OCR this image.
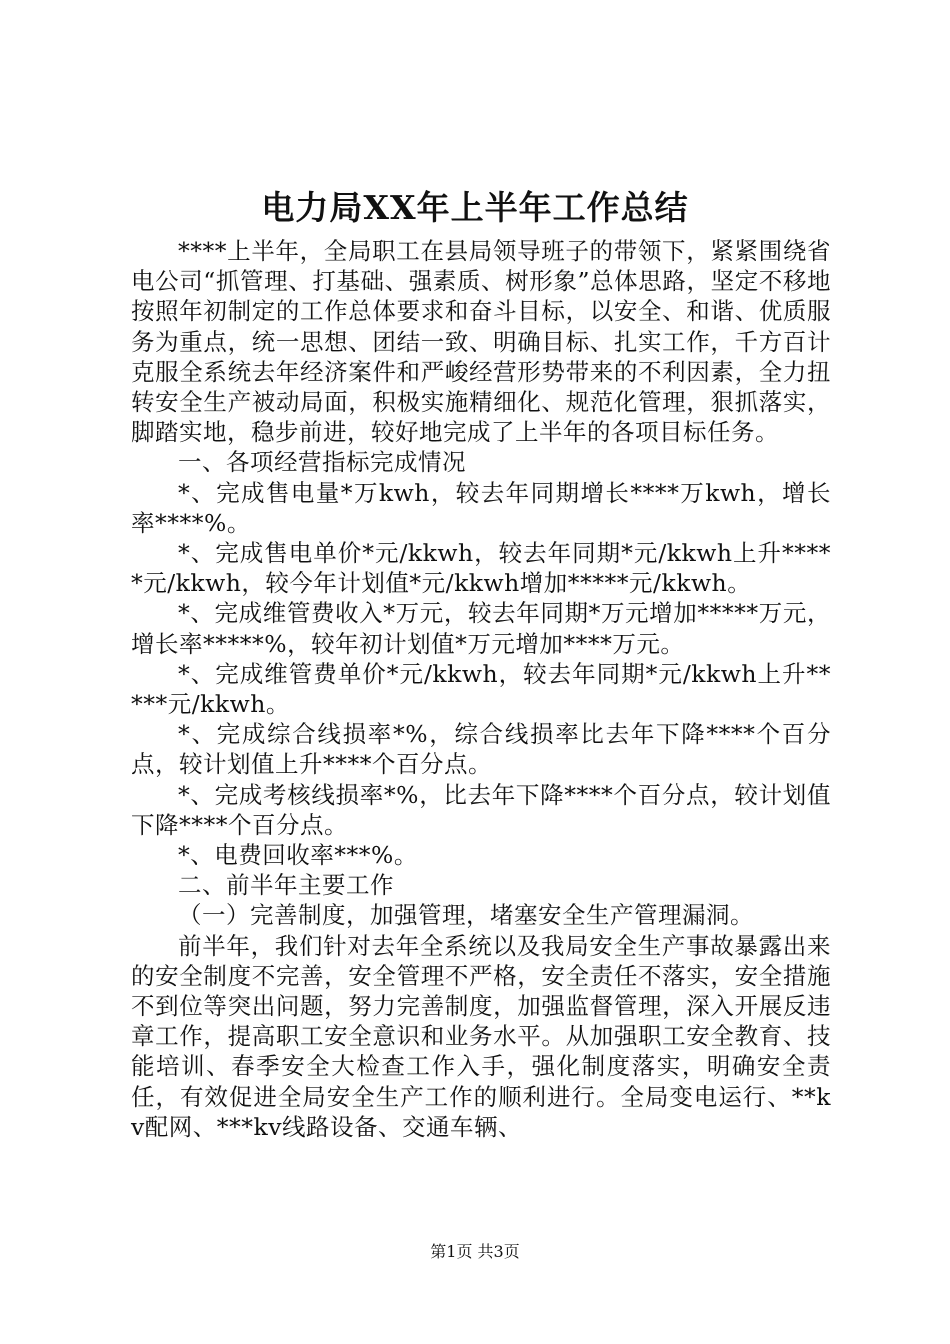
电力局XX年上半年工作总结

****上半年，全局职工在县局领导班子的带领下，紧紧围绕省电公司“抓管理、打基础、强素质、树形象”总体思路，坚定不移地按照年初制定的工作总体要求和奋斗目标，以安全、和谐、优质服务为重点，统一思想、团结一致、明确目标、扎实工作，千方百计克服全系统去年经济案件和严峻经营形势带来的不利因素，全力扭转安全生产被动局面，积极实施精细化、规范化管理，狠抓落实，脚踏实地，稳步前进，较好地完成了上半年的各项目标任务。

一、各项经营指标完成情况

*、完成售电量*万kwh，较去年同期增长****万kwh，增长率****%。

*、完成售电单价*元/kkwh，较去年同期*元/kkwh上升*****元/kkwh，较今年计划值*元/kkwh增加*****元/kkwh。

*、完成维管费收入*万元，较去年同期*万元增加*****万元，增长率*****%，较年初计划值*万元增加****万元。

*、完成维管费单价*元/kkwh，较去年同期*元/kkwh上升*****元/kkwh。

*、完成综合线损率*%，综合线损率比去年下降****个百分点，较计划值上升****个百分点。

*、完成考核线损率*%，比去年下降****个百分点，较计划值下降****个百分点。

*、电费回收率***%。

二、前半年主要工作

（一）完善制度，加强管理，堵塞安全生产管理漏洞。

前半年，我们针对去年全系统以及我局安全生产事故暴露出来的安全制度不完善，安全管理不严格，安全责任不落实，安全措施不到位等突出问题，努力完善制度，加强监督管理，深入开展反违章工作，提高职工安全意识和业务水平。从加强职工安全教育、技能培训、春季安全大检查工作入手，强化制度落实，明确安全责任，有效促进全局安全生产工作的顺利进行。全局变电运行、**kv配网、***kv线路设备、交通车辆、

第1页 共3页
